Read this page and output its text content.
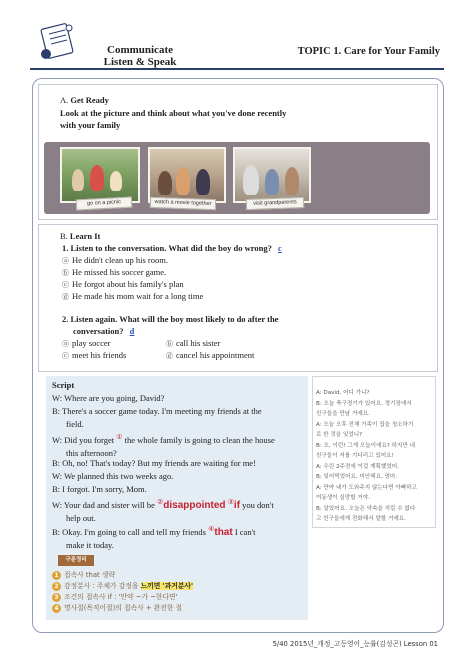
Communicate
Listen & Speak
TOPIC 1. Care for Your Family
A. Get Ready
Look at the picture and think about what you've done recently
with your family
go on a picnic	watch a movie together	visit grandparents
B. Learn It
1. Listen to the conversation. What did the boy do wrong? c
ⓐ He didn't clean up his room.
ⓑ He missed his soccer game.
ⓒ He forgot about his family's plan
ⓓ He made his mom wait for a long time
2. Listen again. What will the boy most likely to do after the
conversation? d
ⓐ play soccer	ⓑ call his sister
ⓒ meet his friends	ⓓ cancel his appointment
Script
W: Where are you going, David?
B: There's a soccer game today. I'm meeting my friends at the
field.
W: Did you forget ① the whole family is going to clean the house
this afternoon?
B: Oh, no! That's today? But my friends are waiting for me!
W: We planned this two weeks ago.
B: I forgot. I'm sorry, Mom.
W: Your dad and sister will be ②disappointed ③if you don't
help out.
B: Okay. I'm going to call and tell my friends ④that I can't
make it today.
구문정리
1 접속사 that 생략
2 감정분사 : 주체가 감정을 느끼면 '과거분사'
3 조건의 접속사 if : '만약 ~가 ~한다면'
4 명사절(목적어절)의 접속사 + 완전한 절
A: David, 어디 가니?
B: 오늘 축구경기가 있어요. 경기장에서
친구들을 만날 거예요.
A: 오늘 오후 전체 가족이 집을 청소하기
로 한 것을 잊었니?
B: 오, 이런! 그게 오늘이에요? 하지만 내
친구들이 저를 기다리고 있어요!
A: 우린 2주전에 이걸 계획했었어.
B: 잊어먹었어요, 미안해요, 엄마.
A: 만약 네가 도와주지 않는다면 아빠하고
여동생이 실망할 거야.
B: 알았어요. 오늘은 약속을 지킬 수 없다
고 친구들에게 전화해서 말할 거예요.
5/40 2015년_개정_고등영어_능률(김성곤) Lesson 01
